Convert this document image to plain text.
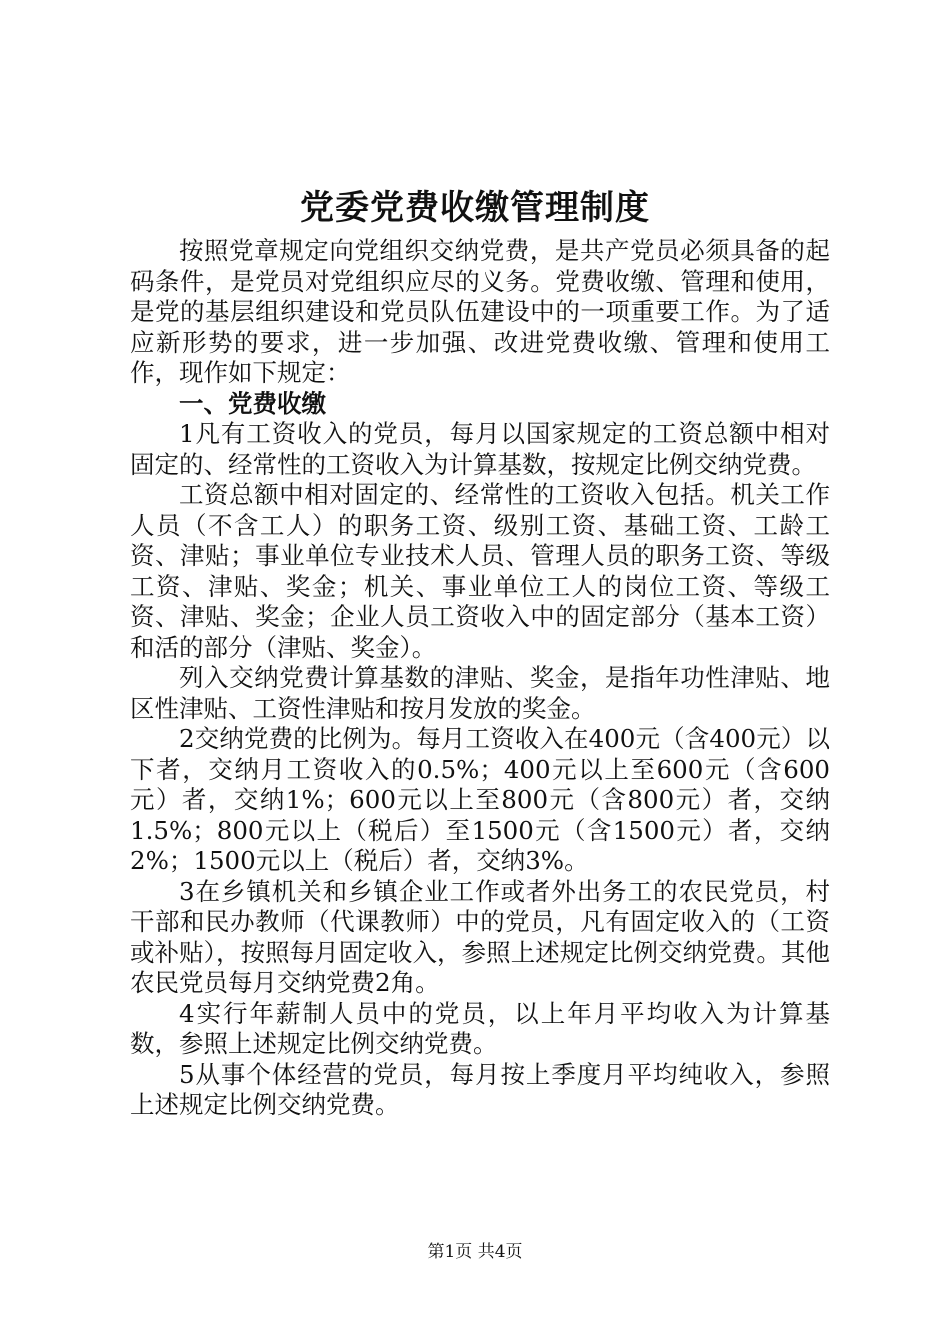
党委党费收缴管理制度

按照党章规定向党组织交纳党费，是共产党员必须具备的起码条件，是党员对党组织应尽的义务。党费收缴、管理和使用，是党的基层组织建设和党员队伍建设中的一项重要工作。为了适应新形势的要求，进一步加强、改进党费收缴、管理和使用工作，现作如下规定：

一、党费收缴

1凡有工资收入的党员，每月以国家规定的工资总额中相对固定的、经常性的工资收入为计算基数，按规定比例交纳党费。

工资总额中相对固定的、经常性的工资收入包括。机关工作人员（不含工人）的职务工资、级别工资、基础工资、工龄工资、津贴；事业单位专业技术人员、管理人员的职务工资、等级工资、津贴、奖金；机关、事业单位工人的岗位工资、等级工资、津贴、奖金；企业人员工资收入中的固定部分（基本工资）和活的部分（津贴、奖金）。

列入交纳党费计算基数的津贴、奖金，是指年功性津贴、地区性津贴、工资性津贴和按月发放的奖金。

2交纳党费的比例为。每月工资收入在400元（含400元）以下者，交纳月工资收入的0.5%；400元以上至600元（含600元）者，交纳1%；600元以上至800元（含800元）者，交纳1.5%；800元以上（税后）至1500元（含1500元）者，交纳2%；1500元以上（税后）者，交纳3%。

3在乡镇机关和乡镇企业工作或者外出务工的农民党员，村干部和民办教师（代课教师）中的党员，凡有固定收入的（工资或补贴），按照每月固定收入，参照上述规定比例交纳党费。其他农民党员每月交纳党费2角。

4实行年薪制人员中的党员，以上年月平均收入为计算基数，参照上述规定比例交纳党费。

5从事个体经营的党员，每月按上季度月平均纯收入，参照上述规定比例交纳党费。

第1页 共4页
